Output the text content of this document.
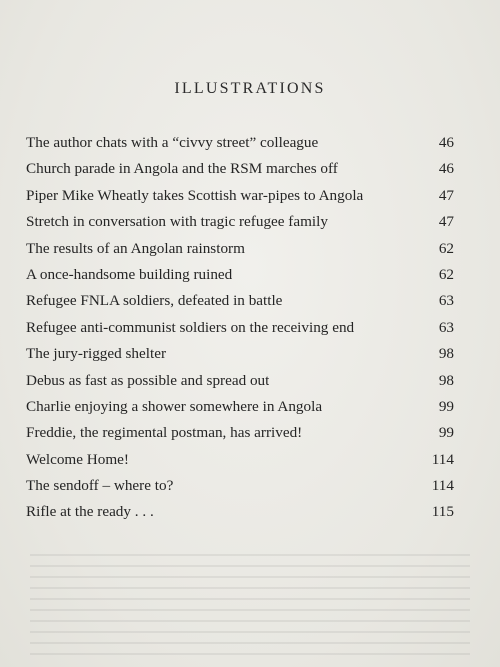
ILLUSTRATIONS
The author chats with a “civvy street” colleague	46
Church parade in Angola and the RSM marches off	46
Piper Mike Wheatly takes Scottish war-pipes to Angola	47
Stretch in conversation with tragic refugee family	47
The results of an Angolan rainstorm	62
A once-handsome building ruined	62
Refugee FNLA soldiers, defeated in battle	63
Refugee anti-communist soldiers on the receiving end	63
The jury-rigged shelter	98
Debus as fast as possible and spread out	98
Charlie enjoying a shower somewhere in Angola	99
Freddie, the regimental postman, has arrived!	99
Welcome Home!	114
The sendoff – where to?	114
Rifle at the ready . . .	115
